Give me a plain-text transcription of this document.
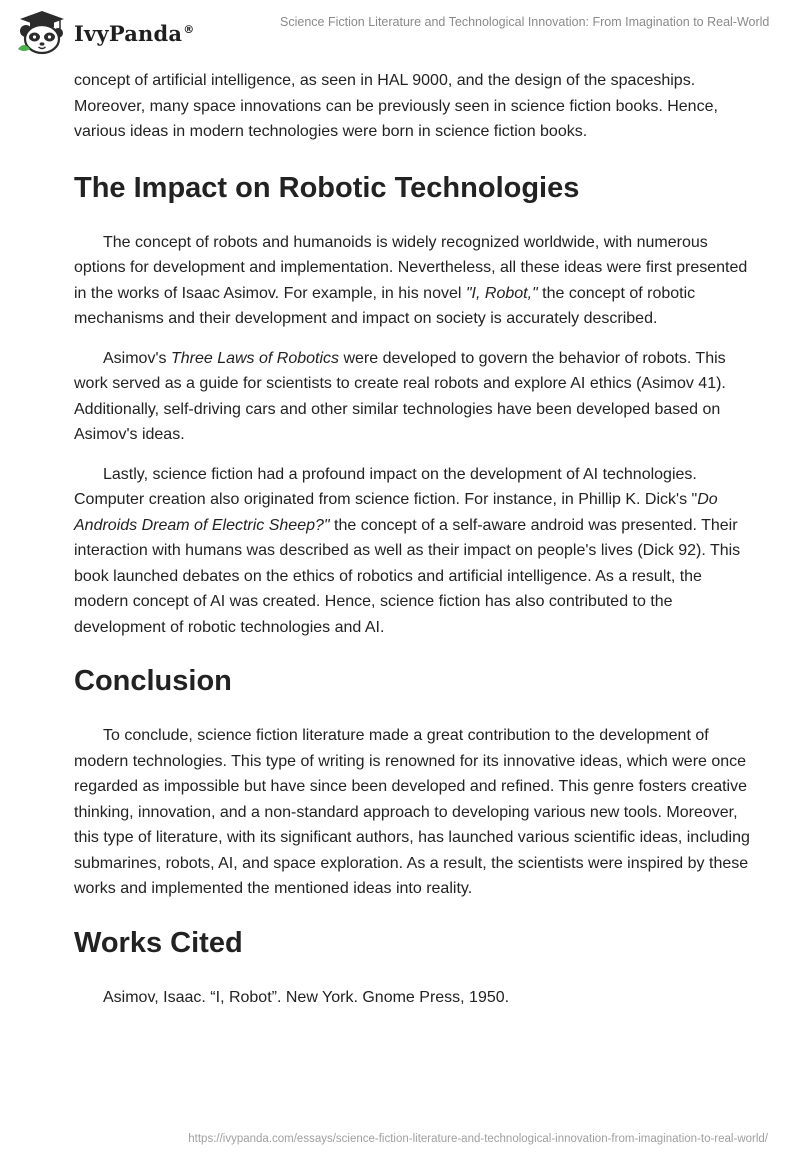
IvyPanda®	Science Fiction Literature and Technological Innovation: From Imagination to Real-World

concept of artificial intelligence, as seen in HAL 9000, and the design of the spaceships. Moreover, many space innovations can be previously seen in science fiction books. Hence, various ideas in modern technologies were born in science fiction books.

The Impact on Robotic Technologies

The concept of robots and humanoids is widely recognized worldwide, with numerous options for development and implementation. Nevertheless, all these ideas were first presented in the works of Isaac Asimov. For example, in his novel "I, Robot," the concept of robotic mechanisms and their development and impact on society is accurately described.

Asimov's Three Laws of Robotics were developed to govern the behavior of robots. This work served as a guide for scientists to create real robots and explore AI ethics (Asimov 41). Additionally, self-driving cars and other similar technologies have been developed based on Asimov's ideas.

Lastly, science fiction had a profound impact on the development of AI technologies. Computer creation also originated from science fiction. For instance, in Phillip K. Dick's "Do Androids Dream of Electric Sheep?" the concept of a self-aware android was presented. Their interaction with humans was described as well as their impact on people's lives (Dick 92). This book launched debates on the ethics of robotics and artificial intelligence. As a result, the modern concept of AI was created. Hence, science fiction has also contributed to the development of robotic technologies and AI.

Conclusion

To conclude, science fiction literature made a great contribution to the development of modern technologies. This type of writing is renowned for its innovative ideas, which were once regarded as impossible but have since been developed and refined. This genre fosters creative thinking, innovation, and a non-standard approach to developing various new tools. Moreover, this type of literature, with its significant authors, has launched various scientific ideas, including submarines, robots, AI, and space exploration. As a result, the scientists were inspired by these works and implemented the mentioned ideas into reality.

Works Cited

Asimov, Isaac. “I, Robot”. New York. Gnome Press, 1950.

https://ivypanda.com/essays/science-fiction-literature-and-technological-innovation-from-imagination-to-real-world/
